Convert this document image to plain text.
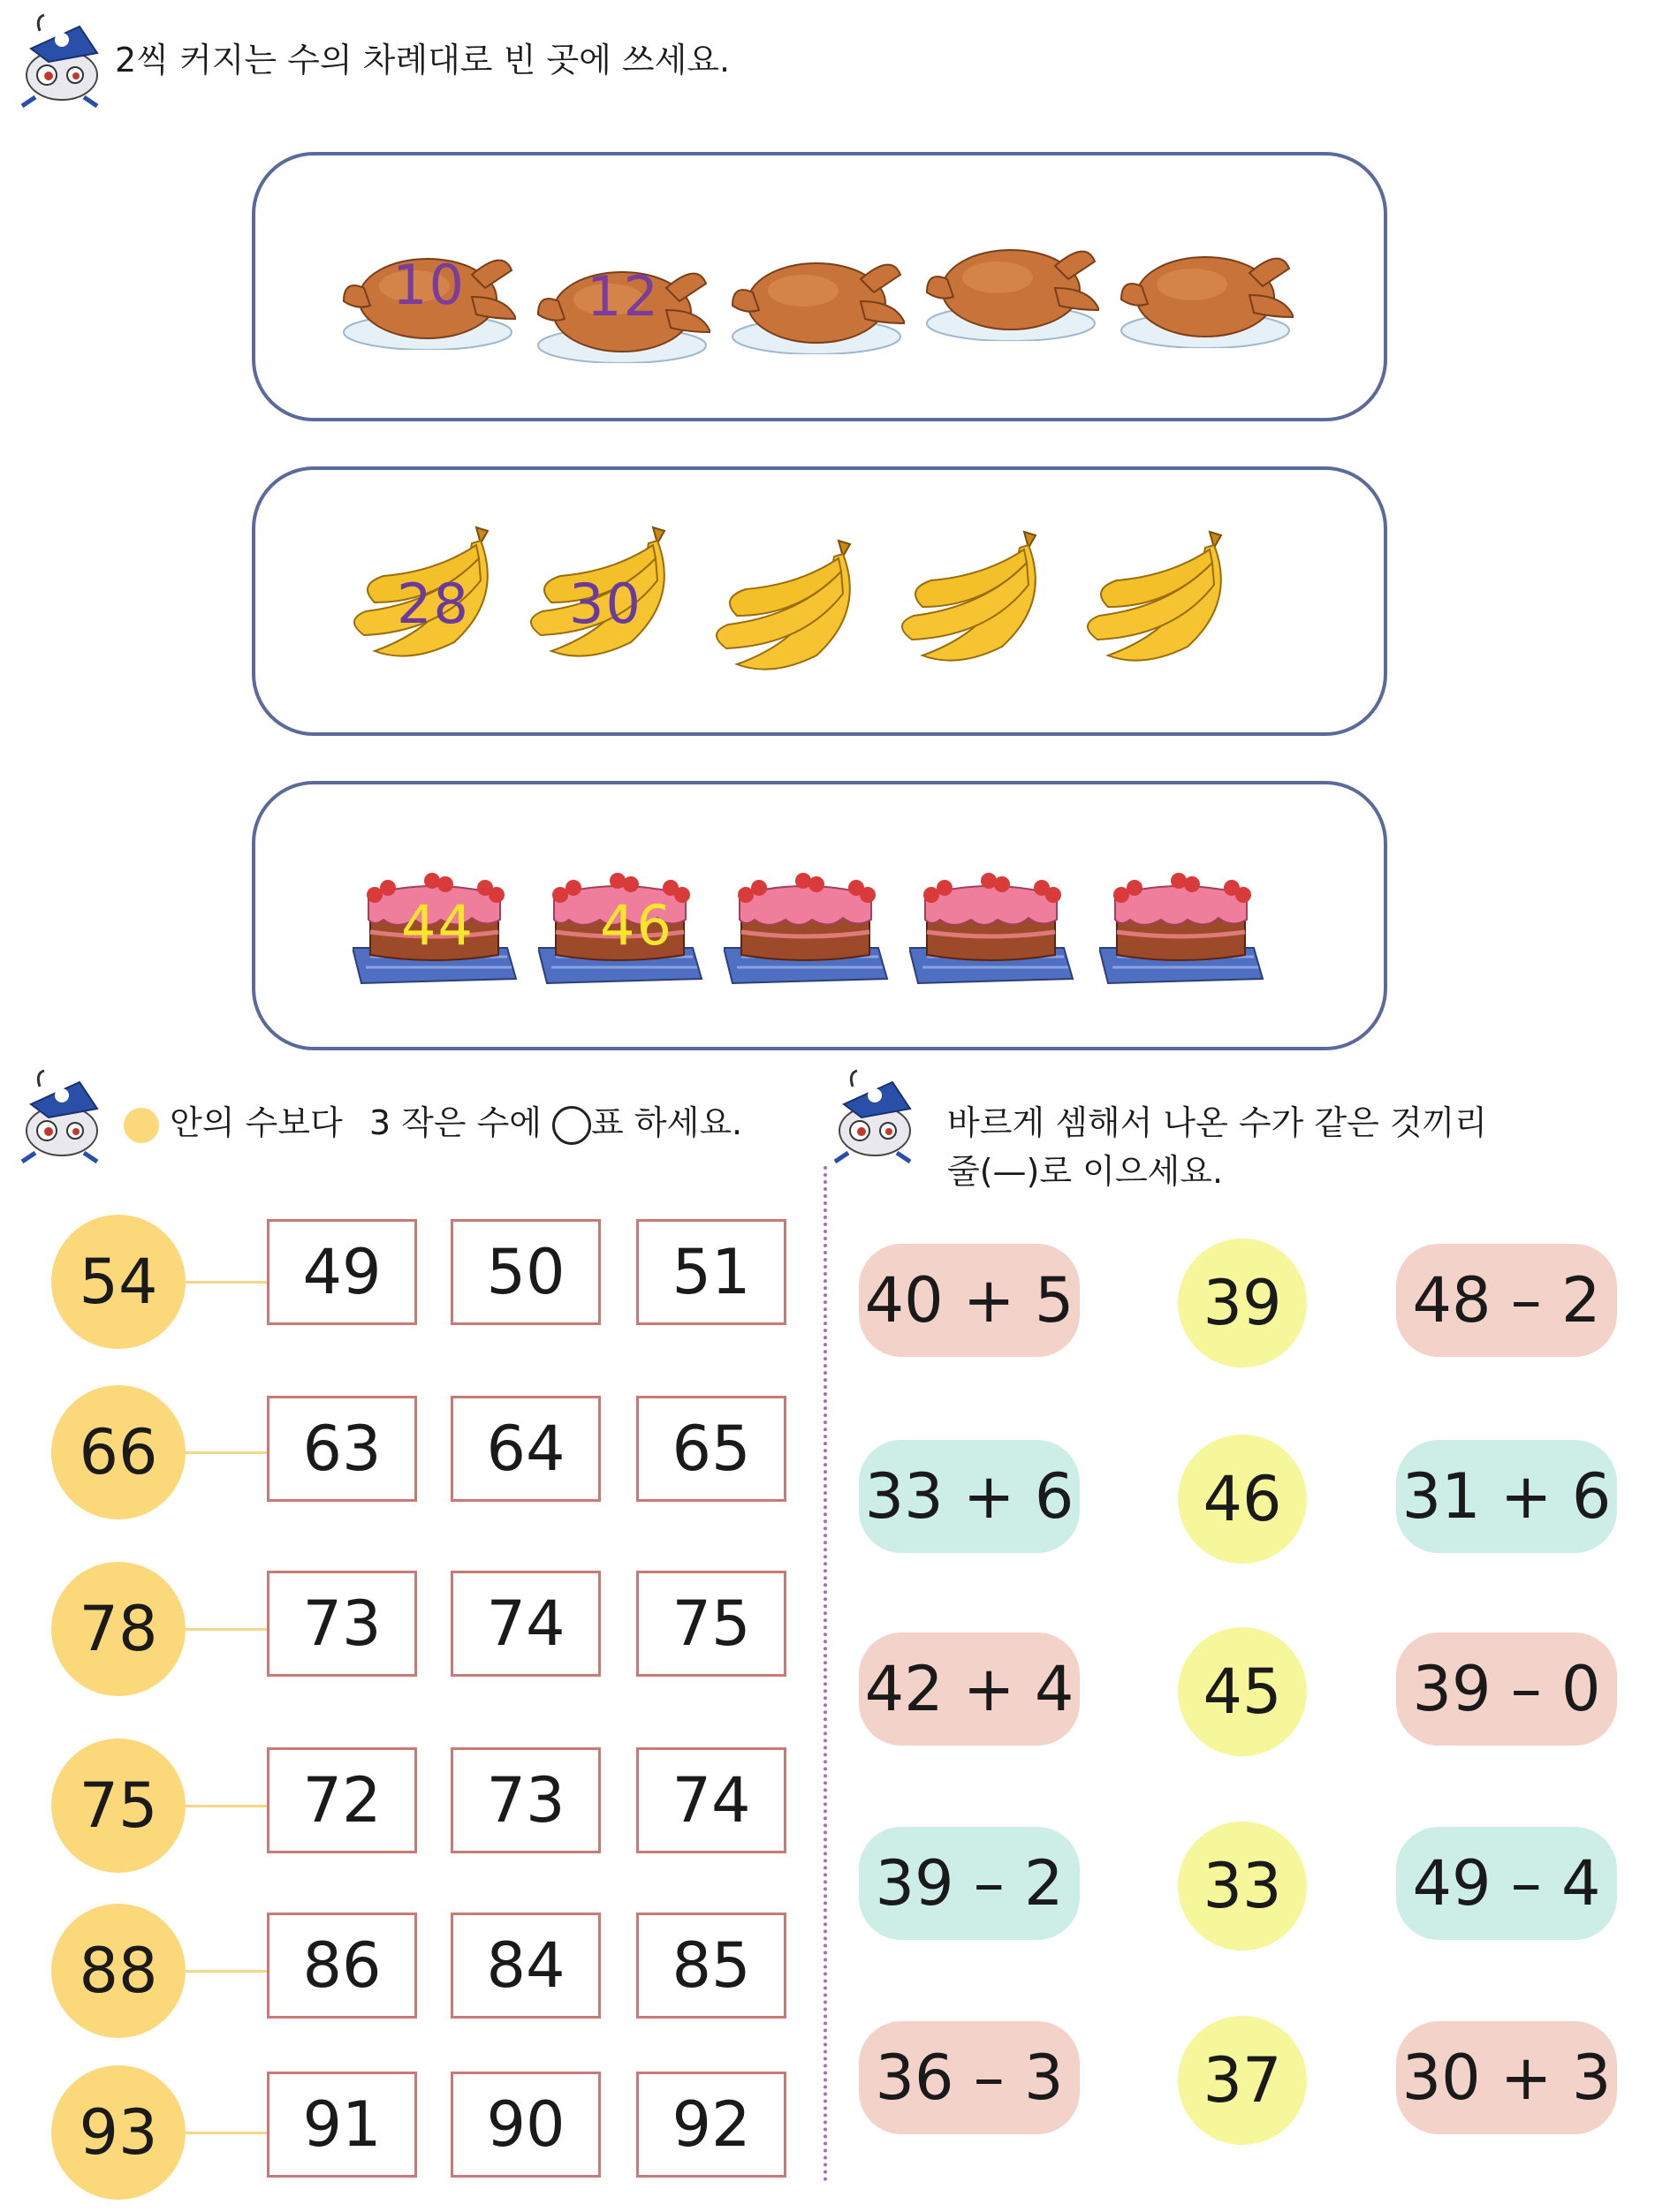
2씩 커지는 수의 차례대로 빈 곳에 쓰세요.
10 12
28 30
44 46
안의 수보다 3 작은 수에 ○표 하세요.
54	49	50	51
66	63	64	65
78	73	74	75
75	72	73	74
88	86	84	85
93	91	90	92
바르게 셈해서 나온 수가 같은 것끼리
줄(—)로 이으세요.
40 + 5	39	48 – 2
33 + 6	46	31 + 6
42 + 4	45	39 – 0
39 – 2	33	49 – 4
36 – 3	37	30 + 3
